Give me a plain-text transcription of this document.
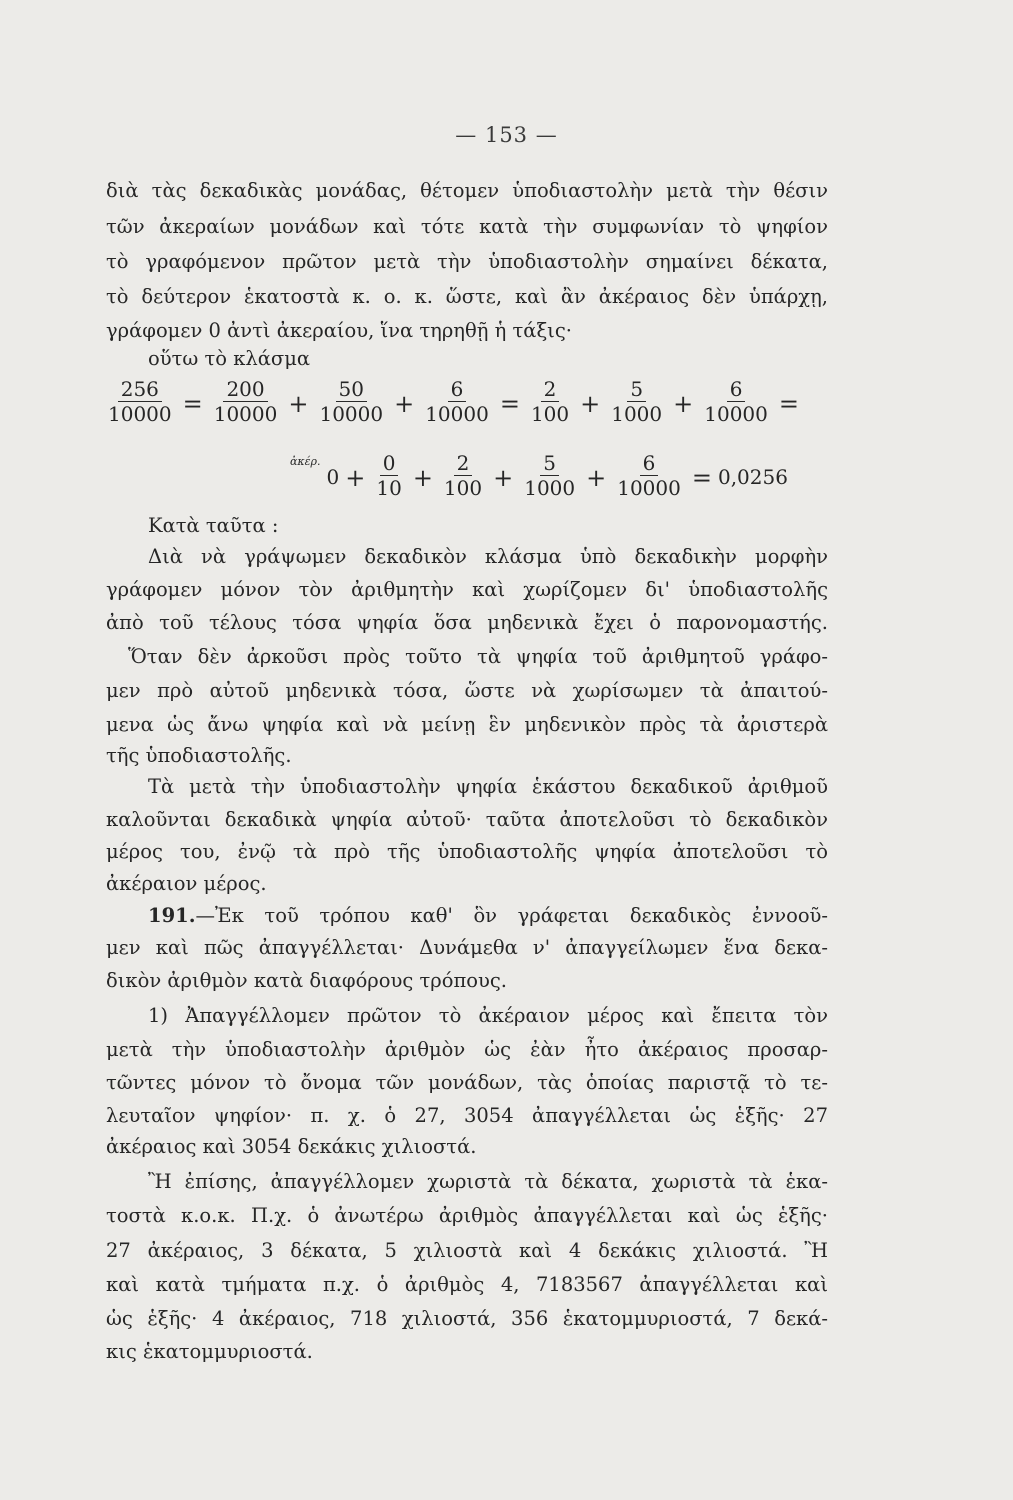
— 153 —
διὰ τὰς δεκαδικὰς μονάδας, θέτομεν ὑποδιαστολὴν μετὰ τὴν θέσιν
τῶν ἀκεραίων μονάδων καὶ τότε κατὰ τὴν συμφωνίαν τὸ ψηφίον
τὸ γραφόμενον πρῶτον μετὰ τὴν ὑποδιαστολὴν σημαίνει δέκατα,
τὸ δεύτερον ἑκατοστὰ κ. ο. κ. ὥστε, καὶ ἂν ἀκέραιος δὲν ὑπάρχῃ,
γράφομεν 0 ἀντὶ ἀκεραίου, ἵνα τηρηθῇ ἡ τάξις·
οὕτω τὸ κλάσμα
$\frac{256}{10000} = \frac{200}{10000} + \frac{50}{10000} + \frac{6}{10000} = \frac{2}{100} + \frac{5}{1000} + \frac{6}{10000}$ =
ἀκέρ.
$0 + \frac{0}{10} + \frac{2}{100} + \frac{5}{1000} + \frac{6}{10000} = 0,0256$
Κατὰ ταῦτα :
Διὰ νὰ γράψωμεν δεκαδικὸν κλάσμα ὑπὸ δεκαδικὴν μορφὴν
γράφομεν μόνον τὸν ἀριθμητὴν καὶ χωρίζομεν δι' ὑποδιαστολῆς
ἀπὸ τοῦ τέλους τόσα ψηφία ὅσα μηδενικὰ ἔχει ὁ παρονομαστής.
Ὅταν δὲν ἀρκοῦσι πρὸς τοῦτο τὰ ψηφία τοῦ ἀριθμητοῦ γράφο-
μεν πρὸ αὐτοῦ μηδενικὰ τόσα, ὥστε νὰ χωρίσωμεν τὰ ἀπαιτού-
μενα ὡς ἄνω ψηφία καὶ νὰ μείνῃ ἓν μηδενικὸν πρὸς τὰ ἀριστερὰ
τῆς ὑποδιαστολῆς.
Τὰ μετὰ τὴν ὑποδιαστολὴν ψηφία ἑκάστου δεκαδικοῦ ἀριθμοῦ
καλοῦνται δεκαδικὰ ψηφία αὐτοῦ· ταῦτα ἀποτελοῦσι τὸ δεκαδικὸν
μέρος του, ἐνῷ τὰ πρὸ τῆς ὑποδιαστολῆς ψηφία ἀποτελοῦσι τὸ
ἀκέραιον μέρος.
191.—Ἐκ τοῦ τρόπου καθ' ὃν γράφεται δεκαδικὸς ἐννοοῦ-
μεν καὶ πῶς ἀπαγγέλλεται· Δυνάμεθα ν' ἀπαγγείλωμεν ἕνα δεκα-
δικὸν ἀριθμὸν κατὰ διαφόρους τρόπους.
1) Ἀπαγγέλλομεν πρῶτον τὸ ἀκέραιον μέρος καὶ ἔπειτα τὸν
μετὰ τὴν ὑποδιαστολὴν ἀριθμὸν ὡς ἐὰν ἦτο ἀκέραιος προσαρ-
τῶντες μόνον τὸ ὄνομα τῶν μονάδων, τὰς ὁποίας παριστᾷ τὸ τε-
λευταῖον ψηφίον· π. χ. ὁ 27, 3054 ἀπαγγέλλεται ὡς ἑξῆς· 27
ἀκέραιος καὶ 3054 δεκάκις χιλιοστά.
Ἢ ἐπίσης, ἀπαγγέλλομεν χωριστὰ τὰ δέκατα, χωριστὰ τὰ ἑκα-
τοστὰ κ.ο.κ. Π.χ. ὁ ἀνωτέρω ἀριθμὸς ἀπαγγέλλεται καὶ ὡς ἑξῆς·
27 ἀκέραιος, 3 δέκατα, 5 χιλιοστὰ καὶ 4 δεκάκις χιλιοστά. Ἢ
καὶ κατὰ τμήματα π.χ. ὁ ἀριθμὸς 4, 7183567 ἀπαγγέλλεται καὶ
ὡς ἑξῆς· 4 ἀκέραιος, 718 χιλιοστά, 356 ἑκατομμυριοστά, 7 δεκά-
κις ἑκατομμυριοστά.
